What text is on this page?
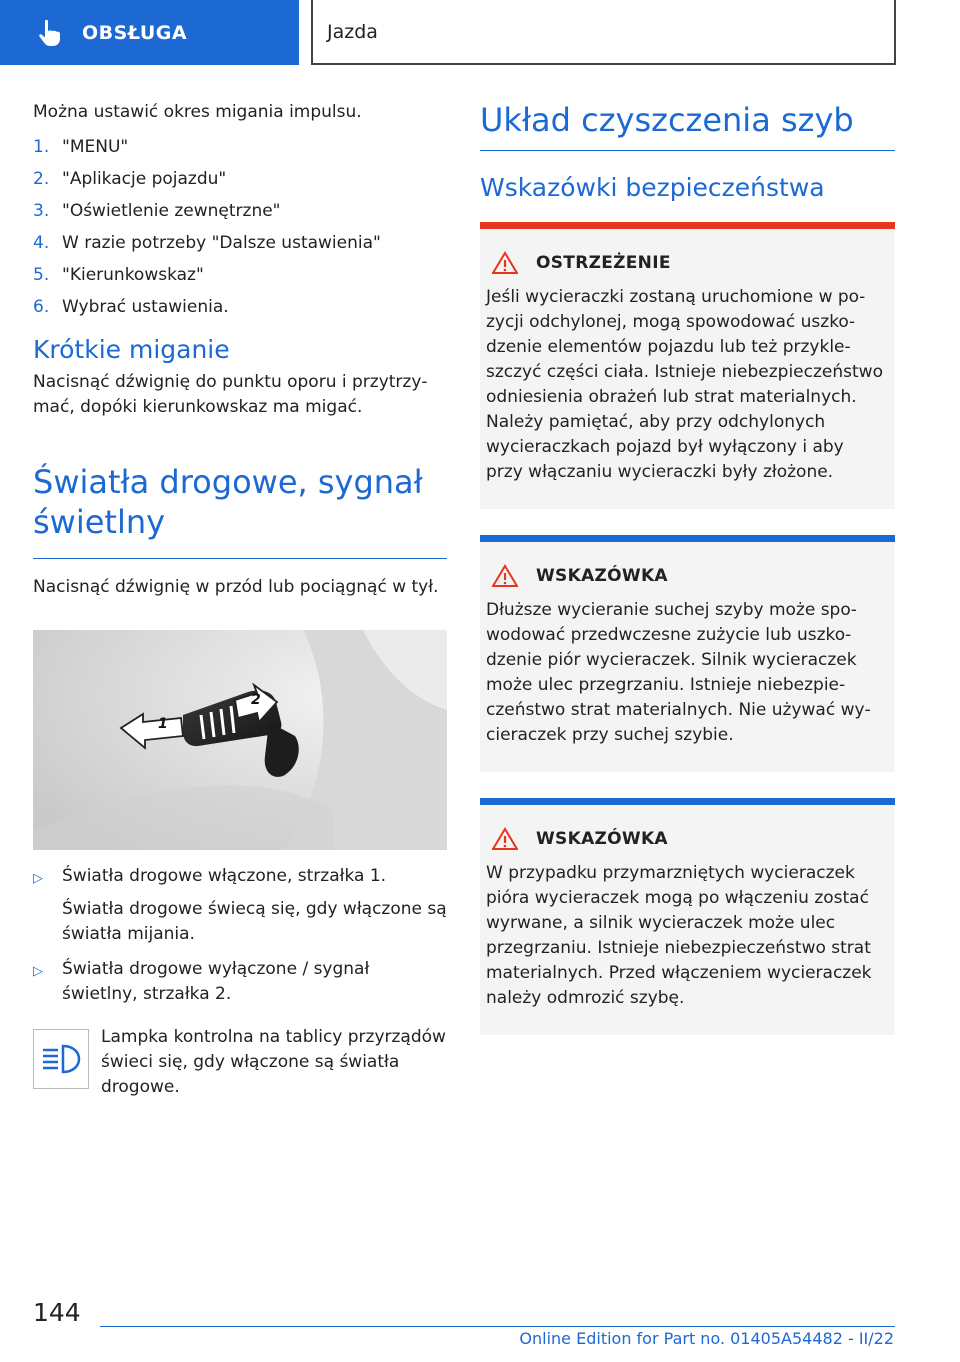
OBSŁUGA	Jazda

Można ustawić okres migania impulsu.

1. "MENU"
2. "Aplikacje pojazdu"
3. "Oświetlenie zewnętrzne"
4. W razie potrzeby "Dalsze ustawienia"
5. "Kierunkowskaz"
6. Wybrać ustawienia.
Krótkie miganie

Nacisnąć dźwignię do punktu oporu i przytrzymać, dopóki kierunkowskaz ma migać.

Światła drogowe, sygnał świetlny

Nacisnąć dźwignię w przód lub pociągnąć w tył.

1
2
▷	Światła drogowe włączone, strzałka 1.

Światła drogowe świecą się, gdy włączone są światła mijania.

▷	Światła drogowe wyłączone / sygnał świetlny, strzałka 2.

Lampka kontrolna na tablicy przyrządów świeci się, gdy włączone są światła drogowe.

Układ czyszczenia szyb
Wskazówki bezpieczeństwa
OSTRZEŻENIE

Jeśli wycieraczki zostaną uruchomione w pozycji odchylonej, mogą spowodować uszkodzenie elementów pojazdu lub też przykleszczyć części ciała. Istnieje niebezpieczeństwo odniesienia obrażeń lub strat materialnych. Należy pamiętać, aby przy odchylonych wycieraczkach pojazd był wyłączony i aby przy włączaniu wycieraczki były złożone.

WSKAZÓWKA

Dłuższe wycieranie suchej szyby może spowodować przedwczesne zużycie lub uszkodzenie piór wycieraczek. Silnik wycieraczek może ulec przegrzaniu. Istnieje niebezpieczeństwo strat materialnych. Nie używać wycieraczek przy suchej szybie.

WSKAZÓWKA

W przypadku przymarzniętych wycieraczek pióra wycieraczek mogą po włączeniu zostać wyrwane, a silnik wycieraczek może ulec przegrzaniu. Istnieje niebezpieczeństwo strat materialnych. Przed włączeniem wycieraczek należy odmrozić szybę.

144
Online Edition for Part no. 01405A54482 - II/22
